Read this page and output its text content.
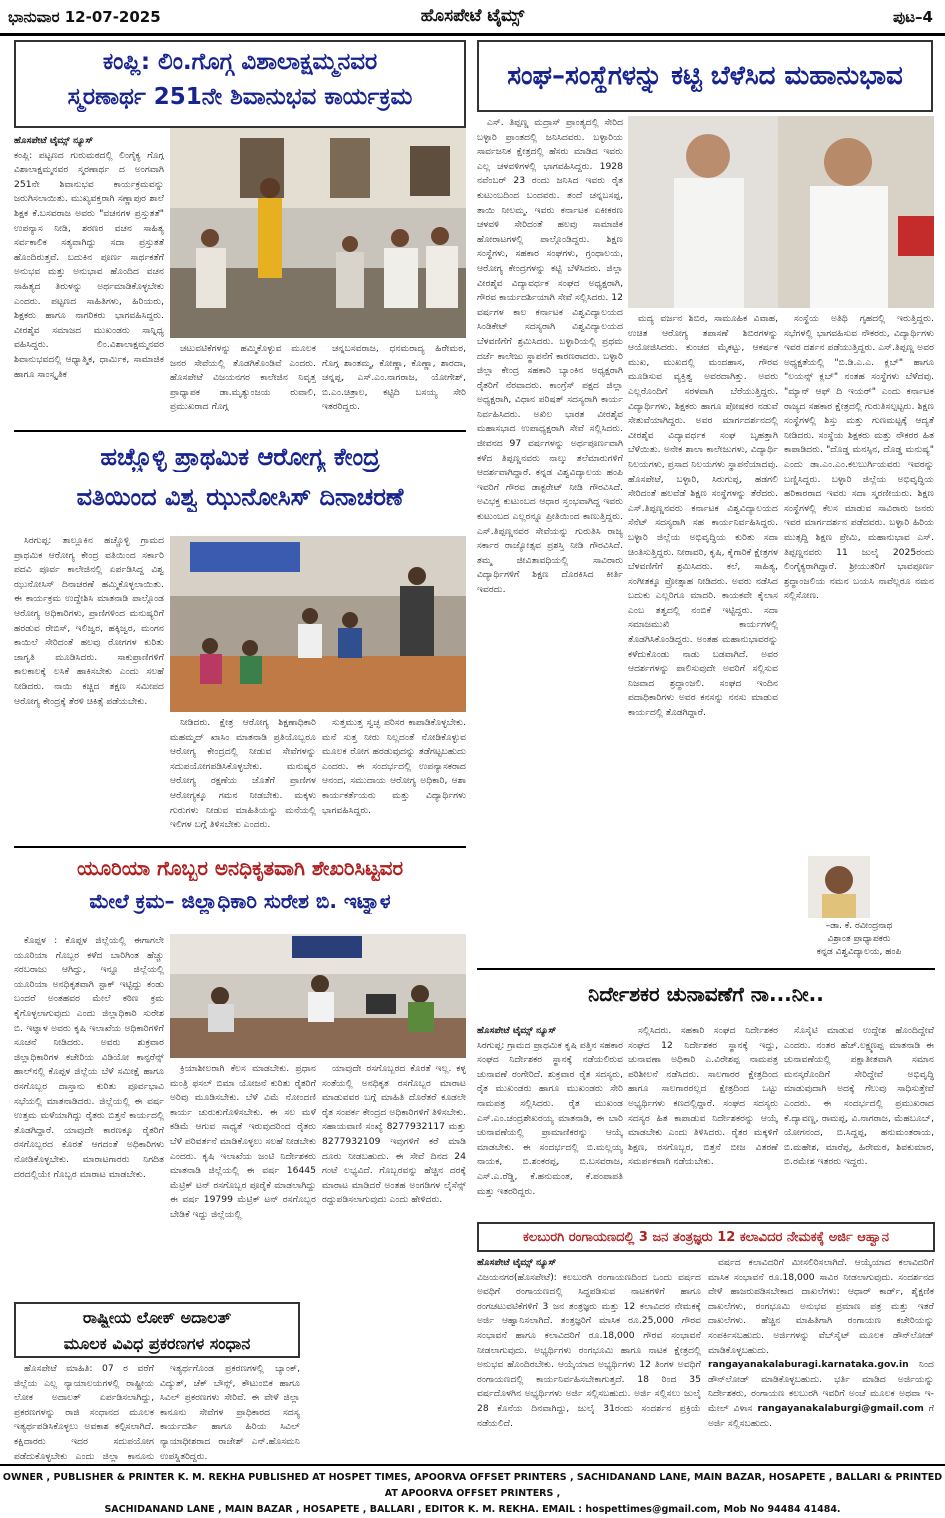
ಭಾನುವಾರ 12-07-2025	ಹೊಸಪೇಟೆ ಟೈಮ್ಸ್	ಪುಟ–4
ಕಂಪ್ಲಿ: ಲಿಂ.ಗೊಗ್ಗ ವಿಶಾಲಾಕ್ಷಮ್ಮನವರ
ಸ್ಮರಣಾರ್ಥ 251ನೇ ಶಿವಾನುಭವ ಕಾರ್ಯಕ್ರಮ

ಹೊಸಪೇಟೆ ಟೈಮ್ಸ್ ನ್ಯೂಸ್
ಕಂಪ್ಲಿ: ಪಟ್ಟಣದ ಗುರುಮಠದಲ್ಲಿ ಲಿಂಗೈಕ್ಯ ಗೊಗ್ಗ ವಿಶಾಲಾಕ್ಷಮ್ಮನವರ ಸ್ಮರಣಾರ್ಥ ದ ಅಂಗವಾಗಿ 251ನೇ ಶಿವಾನುಭವ ಕಾರ್ಯಕ್ರಮವನ್ನು ಜರುಗಿಸಲಾಯಿತು. ಮುಖ್ಯವಕ್ತರಾಗಿ ಸಣ್ಣಾಪುರ ಶಾಲೆ ಶಿಕ್ಷಕ ಕೆ.ಬಸವರಾಜ ಅವರು "ವಚನಗಳ ಪ್ರಸ್ತುತತೆ" ಉಪನ್ಯಾಸ ನೀಡಿ, ಶರಣರ ವಚನ ಸಾಹಿತ್ಯ ಸರ್ವಕಾಲಿಕ ಸತ್ಯವಾಗಿದ್ದು ಸದಾ ಪ್ರಸ್ತುತತೆ ಹೊಂದಿರುತ್ತವೆ. ಬದುಕಿನ ಪೂರ್ಣ ಸಾರ್ಥಕತೆಗೆ ಅನುಭವ ಮತ್ತು ಅನುಭಾವ ಹೊಂದಿದ ವಚನ ಸಾಹಿತ್ಯದ ತಿರುಳನ್ನು ಅರ್ಥಮಾಡಿಕೊಳ್ಳಬೇಕು ಎಂದರು. ಪಟ್ಟಣದ ಸಾಹಿತಿಗಳು, ಹಿರಿಯರು, ಶಿಕ್ಷಕರು ಹಾಗೂ ನಾಗರಿಕರು ಭಾಗವಹಿಸಿದ್ದರು. ವೀರಶೈವ ಸಮಾಜದ ಮುಖಂಡರು ಸಾನ್ನಿಧ್ಯ ವಹಿಸಿದ್ದರು. ಲಿಂ.ವಿಶಾಲಾಕ್ಷಮ್ಮನವರ ಶಿವಾನುಭವದಲ್ಲಿ ಆಧ್ಯಾತ್ಮಿಕ, ಧಾರ್ಮಿಕ, ಸಾಮಾಜಿಕ ಹಾಗೂ ಸಾಂಸ್ಕೃತಿಕ

ಚಟುವಟಿಕೆಗಳನ್ನು ಹಮ್ಮಿಕೊಳ್ಳುವ ಮೂಲಕ ಜನರ ಸೇವೆಯಲ್ಲಿ ತೊಡಗಿಕೊಂಡಿವೆ ಎಂದರು. ಹೊಸಪೇಟೆ ವಿಜಯನಗರ ಕಾಲೇಜಿನ ನಿವೃತ್ತ ಪ್ರಾಧ್ಯಾಪಕ ಡಾ.ಮೃತ್ಯುಂಜಯ ರುವಾಲಿ, ಪ್ರಮುಖರಾದ ಗೊಗ್ಗ

ಚನ್ನಬಸವರಾಜ, ಧನಮರಾದ್ಯ ಹಿರೇಮಠ, ಗೊಗ್ಗ ಶಾಂತಮ್ಮ, ಕೋಣ್ಣಾ, ಕೊಣ್ಣಾ, ಶಾರದಾ, ಚನ್ನಪ್ಪ, ಎಸ್.ಎಂ.ನಾಗರಾಜ, ಯೋಗೇಶ್, ಬಿ.ಎಂ.ಚಿತ್ರಾಲ, ಕಟ್ಟಿದಿ ಬಸಯ್ಯ ಸೇರಿ ಇತರರಿದ್ದರು.

ಹಚ್ಚೊಳ್ಳಿ ಪ್ರಾಥಮಿಕ ಆರೋಗ್ಯ ಕೇಂದ್ರ
ವತಿಯಿಂದ ವಿಶ್ವ ಝುನೋಸಿಸ್ ದಿನಾಚರಣೆ

ಸಿರಗುಪ್ಪ: ತಾಲ್ಲೂಕಿನ ಹಚ್ಚೊಳ್ಳಿ ಗ್ರಾಮದ ಪ್ರಾಥಮಿಕ ಆರೋಗ್ಯ ಕೇಂದ್ರ ವತಿಯಿಂದ ಸರ್ಕಾರಿ ಪದವಿ ಪೂರ್ವ ಕಾಲೇಜಿನಲ್ಲಿ ಏರ್ಪಡಿಸಿದ್ದ ವಿಶ್ವ ಝುನೋಸಿಸ್ ದಿನಾಚರಣೆ ಹಮ್ಮಿಕೊಳ್ಳಲಾಯಿತು. ಈ ಕಾರ್ಯಕ್ರಮ ಉದ್ದೇಶಿಸಿ ಮಾತನಾಡಿ ಪಾಲ್ಗೊಂಡ ಆರೋಗ್ಯ ಅಧಿಕಾರಿಗಳು, ಪ್ರಾಣಿಗಳಿಂದ ಮನುಷ್ಯರಿಗೆ ಹರಡುವ ರೇಬಿಸ್, ಇಲಿಜ್ವರ, ಹಕ್ಕಿಜ್ವರ, ಮಂಗನ ಕಾಯಿಲೆ ಸೇರಿದಂತೆ ಹಲವು ರೋಗಗಳ ಕುರಿತು ಜಾಗೃತಿ ಮೂಡಿಸಿದರು. ಸಾಕುಪ್ರಾಣಿಗಳಿಗೆ ಕಾಲಕಾಲಕ್ಕೆ ಲಸಿಕೆ ಹಾಕಿಸಬೇಕು ಎಂದು ಸಲಹೆ ನೀಡಿದರು. ನಾಯಿ ಕಚ್ಚಿದ ತಕ್ಷಣ ಸಮೀಪದ ಆರೋಗ್ಯ ಕೇಂದ್ರಕ್ಕೆ ತೆರಳಿ ಚಿಕಿತ್ಸೆ ಪಡೆಯಬೇಕು.

ನೀಡಿದರು. ಕ್ಷೇತ್ರ ಆರೋಗ್ಯ ಶಿಕ್ಷಣಾಧಿಕಾರಿ ಮಹಮ್ಮದ್ ಖಾಸಿಂ ಮಾತನಾಡಿ ಪ್ರತಿಯೊಬ್ಬರೂ ಆರೋಗ್ಯ ಕೇಂದ್ರದಲ್ಲಿ ನೀಡುವ ಸೇವೆಗಳನ್ನು ಸದುಪಯೋಗಪಡಿಸಿಕೊಳ್ಳಬೇಕು. ಮನುಷ್ಯರ ಆರೋಗ್ಯ ರಕ್ಷಣೆಯ ಜೊತೆಗೆ ಪ್ರಾಣಿಗಳ ಆರೋಗ್ಯಕ್ಕೂ ಗಮನ ನೀಡಬೇಕು. ಮಕ್ಕಳು ಗುರುಗಳು ನೀಡುವ ಮಾಹಿತಿಯನ್ನು ಮನೆಯಲ್ಲಿ ಇಲಿಗಳ ಬಗ್ಗೆ ತಿಳಿಸಬೇಕು ಎಂದರು.

ಸುತ್ತಮುತ್ತ ಸ್ವಚ್ಛ ಪರಿಸರ ಕಾಪಾಡಿಕೊಳ್ಳಬೇಕು. ಮನೆ ಸುತ್ತ ನೀರು ನಿಲ್ಲದಂತೆ ನೋಡಿಕೊಳ್ಳುವ ಮೂಲಕ ರೋಗ ಹರಡುವುದನ್ನು ತಡೆಗಟ್ಟಬಹುದು ಎಂದರು. ಈ ಸಂದರ್ಭದಲ್ಲಿ ಉಪನ್ಯಾಸಕರಾದ ಆನಂದ, ಸಮುದಾಯ ಆರೋಗ್ಯ ಅಧಿಕಾರಿ, ಆಶಾ ಕಾರ್ಯಕರ್ತೆಯರು ಮತ್ತು ವಿದ್ಯಾರ್ಥಿಗಳು ಭಾಗವಹಿಸಿದ್ದರು.

ಯೂರಿಯಾ ಗೊಬ್ಬರ ಅನಧಿಕೃತವಾಗಿ ಶೇಖರಿಸಿಟ್ಟವರ
ಮೇಲೆ ಕ್ರಮ– ಜಿಲ್ಲಾಧಿಕಾರಿ ಸುರೇಶ ಬಿ. ಇಟ್ನಾಳ

ಕೊಪ್ಪಳ : ಕೊಪ್ಪಳ ಜಿಲ್ಲೆಯಲ್ಲಿ ಈಗಾಗಲೇ ಯೂರಿಯಾ ಗೊಬ್ಬರ ಕಳೆದ ಬಾರಿಗಿಂತ ಹೆಚ್ಚು ಸರಬರಾಜು ಆಗಿದ್ದು, ಇನ್ನೂ ಜಿಲ್ಲೆಯಲ್ಲಿ ಯೂರಿಯಾ ಅನಧಿಕೃತವಾಗಿ ಸ್ಟಾಕ್ ಇಟ್ಟಿದ್ದು ಕಂಡು ಬಂದರೆ ಅಂತಹವರ ಮೇಲೆ ಕಠಿಣ ಕ್ರಮ ಕೈಗೊಳ್ಳಲಾಗುವುದು ಎಂದು ಜಿಲ್ಲಾಧಿಕಾರಿ ಸುರೇಶ ಬಿ. ಇಟ್ನಾಳ ಅವರು ಕೃಷಿ ಇಲಾಖೆಯ ಅಧಿಕಾರಿಗಳಿಗೆ ಸೂಚನೆ ನೀಡಿದರು. ಅವರು ಶುಕ್ರವಾರ ಜಿಲ್ಲಾಧಿಕಾರಿಗಳ ಕಚೇರಿಯ ವಿಡಿಯೋ ಕಾನ್ಫರೆನ್ಸ್ ಹಾಲ್‌ನಲ್ಲಿ ಕೊಪ್ಪಳ ಜಿಲ್ಲೆಯ ಬೆಳೆ ಸಮೀಕ್ಷೆ ಹಾಗೂ ರಸಗೊಬ್ಬರ ದಾಸ್ತಾನು ಕುರಿತು ಪೂರ್ವಭಾವಿ ಸಭೆಯಲ್ಲಿ ಮಾತನಾಡಿದರು. ಜಿಲ್ಲೆಯಲ್ಲಿ ಈ ವರ್ಷ ಉತ್ತಮ ಮಳೆಯಾಗಿದ್ದು ರೈತರು ಬಿತ್ತನೆ ಕಾರ್ಯದಲ್ಲಿ ತೊಡಗಿದ್ದಾರೆ. ಯಾವುದೇ ಕಾರಣಕ್ಕೂ ರೈತರಿಗೆ ರಸಗೊಬ್ಬರದ ಕೊರತೆ ಆಗದಂತೆ ಅಧಿಕಾರಿಗಳು ನೋಡಿಕೊಳ್ಳಬೇಕು. ಮಾರಾಟಗಾರರು ನಿಗದಿತ ದರದಲ್ಲಿಯೇ ಗೊಬ್ಬರ ಮಾರಾಟ ಮಾಡಬೇಕು.

ಕ್ರಿಯಾಶೀಲರಾಗಿ ಕೆಲಸ ಮಾಡಬೇಕು. ಪ್ರಧಾನ ಮಂತ್ರಿ ಫಸಲ್ ಬಿಮಾ ಯೋಜನೆ ಕುರಿತು ರೈತರಿಗೆ ಅರಿವು ಮೂಡಿಸಬೇಕು. ಬೆಳೆ ವಿಮೆ ನೋಂದಣಿ ಕಾರ್ಯ ಚುರುಕುಗೊಳಿಸಬೇಕು. ಈ ಸಲ ಮಳೆ ಕಡಿಮೆ ಆಗುವ ಸಾಧ್ಯತೆ ಇರುವುದರಿಂದ ರೈತರು ಬೆಳೆ ಪರಿವರ್ತನೆ ಮಾಡಿಕೊಳ್ಳಲು ಸಲಹೆ ನೀಡಬೇಕು ಎಂದರು. ಕೃಷಿ ಇಲಾಖೆಯ ಜಂಟಿ ನಿರ್ದೇಶಕರು ಮಾತನಾಡಿ ಜಿಲ್ಲೆಯಲ್ಲಿ ಈ ವರ್ಷ 16445 ಮೆಟ್ರಿಕ್ ಟನ್ ರಸಗೊಬ್ಬರ ಪೂರೈಕೆ ಮಾಡಲಾಗಿದ್ದು ಈ ವರ್ಷ 19799 ಮೆಟ್ರಿಕ್ ಟನ್ ರಸಗೊಬ್ಬರ ಬೇಡಿಕೆ ಇದ್ದು ಜಿಲ್ಲೆಯಲ್ಲಿ

ಯಾವುದೇ ರಸಗೊಬ್ಬರದ ಕೊರತೆ ಇಲ್ಲ. ಕಳ್ಳ ಸಂತೆಯಲ್ಲಿ ಅನಧಿಕೃತ ರಸಗೊಬ್ಬರ ಮಾರಾಟ ಮಾಡುವವರ ಬಗ್ಗೆ ಮಾಹಿತಿ ದೊರೆತರೆ ಕೂಡಲೇ ರೈತ ಸಂಪರ್ಕ ಕೇಂದ್ರದ ಅಧಿಕಾರಿಗಳಿಗೆ ತಿಳಿಸಬೇಕು. ಸಹಾಯವಾಣಿ ಸಂಖ್ಯೆ 8277932117 ಮತ್ತು 8277932109 ಇವುಗಳಿಗೆ ಕರೆ ಮಾಡಿ ದೂರು ನೀಡಬಹುದು. ಈ ಸೇವೆ ದಿನದ 24 ಗಂಟೆ ಲಭ್ಯವಿದೆ. ಗೊಬ್ಬರವನ್ನು ಹೆಚ್ಚಿನ ದರಕ್ಕೆ ಮಾರಾಟ ಮಾಡಿದರೆ ಅಂತಹ ಅಂಗಡಿಗಳ ಲೈಸೆನ್ಸ್ ರದ್ದುಪಡಿಸಲಾಗುವುದು ಎಂದು ಹೇಳಿದರು.

ರಾಷ್ಟ್ರೀಯ ಲೋಕ್ ಅದಾಲತ್
ಮೂಲಕ ವಿವಿಧ ಪ್ರಕರಣಗಳ ಸಂಧಾನ

ಹೊಸಪೇಟೆ ಮಾಹಿತಿ: 07 ರ ವರೆಗೆ ಜಿಲ್ಲೆಯ ಎಲ್ಲ ನ್ಯಾಯಾಲಯಗಳಲ್ಲಿ ರಾಷ್ಟ್ರೀಯ ಲೋಕ ಅದಾಲತ್ ಏರ್ಪಡಿಸಲಾಗಿದ್ದು, ಪ್ರಕರಣಗಳನ್ನು ರಾಜಿ ಸಂಧಾನದ ಮೂಲಕ ಇತ್ಯರ್ಥಪಡಿಸಿಕೊಳ್ಳಲು ಅವಕಾಶ ಕಲ್ಪಿಸಲಾಗಿದೆ. ಕಕ್ಷಿದಾರರು ಇದರ ಸದುಪಯೋಗ ಪಡೆದುಕೊಳ್ಳಬೇಕು ಎಂದು ಜಿಲ್ಲಾ ಕಾನೂನು

ಇತ್ಯರ್ಥಗೊಂಡ ಪ್ರಕರಣಗಳಲ್ಲಿ ಬ್ಯಾಂಕ್, ವಿದ್ಯುತ್, ಚೆಕ್ ಬೌನ್ಸ್, ಕೌಟುಂಬಿಕ ಹಾಗೂ ಸಿವಿಲ್ ಪ್ರಕರಣಗಳು ಸೇರಿವೆ. ಈ ವೇಳೆ ಜಿಲ್ಲಾ ಕಾನೂನು ಸೇವೆಗಳ ಪ್ರಾಧಿಕಾರದ ಸದಸ್ಯ ಕಾರ್ಯದರ್ಶಿ ಹಾಗೂ ಹಿರಿಯ ಸಿವಿಲ್ ನ್ಯಾಯಾಧೀಶರಾದ ರಾಜೇಶ್ ಎನ್.ಹೊಸಮನಿ ಉಪಸ್ಥಿತರಿದ್ದರು.

ಸಂಘ–ಸಂಸ್ಥೆಗಳನ್ನು ಕಟ್ಟಿ ಬೆಳೆಸಿದ ಮಹಾನುಭಾವ

ಎಸ್. ತಿಪ್ಪಣ್ಣ ಮದ್ರಾಸ್ ಪ್ರಾಂತ್ಯದಲ್ಲಿ ಸೇರಿದ ಬಳ್ಳಾರಿ ಪ್ರಾಂತದಲ್ಲಿ ಜನಿಸಿದವರು. ಬಳ್ಳಾರಿಯ ಸಾರ್ವಜನಿಕ ಕ್ಷೇತ್ರದಲ್ಲಿ ಹೆಸರು ಮಾಡಿದ ಇವರು ಎಲ್ಲ ಚಳವಳಿಗಳಲ್ಲಿ ಭಾಗವಹಿಸಿದ್ದರು. 1928 ನವೆಂಬರ್ 23 ರಂದು ಜನಿಸಿದ ಇವರು ರೈತ ಕುಟುಂಬದಿಂದ ಬಂದವರು. ತಂದೆ ಚನ್ನಬಸಪ್ಪ, ತಾಯಿ ನೀಲಮ್ಮ. ಇವರು ಕರ್ನಾಟಕ ಏಕೀಕರಣ ಚಳವಳಿ ಸೇರಿದಂತೆ ಹಲವು ಸಾಮಾಜಿಕ ಹೋರಾಟಗಳಲ್ಲಿ ಪಾಲ್ಗೊಂಡಿದ್ದರು. ಶಿಕ್ಷಣ ಸಂಸ್ಥೆಗಳು, ಸಹಕಾರ ಸಂಘಗಳು, ಗ್ರಂಥಾಲಯ, ಆರೋಗ್ಯ ಕೇಂದ್ರಗಳನ್ನು ಕಟ್ಟಿ ಬೆಳೆಸಿದರು. ಜಿಲ್ಲಾ ವೀರಶೈವ ವಿದ್ಯಾವರ್ಧಕ ಸಂಘದ ಅಧ್ಯಕ್ಷರಾಗಿ, ಗೌರವ ಕಾರ್ಯದರ್ಶಿಯಾಗಿ ಸೇವೆ ಸಲ್ಲಿಸಿದರು. 12 ವರ್ಷಗಳ ಕಾಲ ಕರ್ನಾಟಕ ವಿಶ್ವವಿದ್ಯಾಲಯದ ಸಿಂಡಿಕೇಟ್ ಸದಸ್ಯರಾಗಿ ವಿಶ್ವವಿದ್ಯಾಲಯದ ಬೆಳವಣಿಗೆಗೆ ಶ್ರಮಿಸಿದರು. ಬಳ್ಳಾರಿಯಲ್ಲಿ ಪ್ರಥಮ ದರ್ಜೆ ಕಾಲೇಜು ಸ್ಥಾಪನೆಗೆ ಕಾರಣರಾದರು. ಬಳ್ಳಾರಿ ಜಿಲ್ಲಾ ಕೇಂದ್ರ ಸಹಕಾರಿ ಬ್ಯಾಂಕಿನ ಅಧ್ಯಕ್ಷರಾಗಿ ರೈತರಿಗೆ ನೆರವಾದರು. ಕಾಂಗ್ರೆಸ್ ಪಕ್ಷದ ಜಿಲ್ಲಾ ಅಧ್ಯಕ್ಷರಾಗಿ, ವಿಧಾನ ಪರಿಷತ್ ಸದಸ್ಯರಾಗಿ ಕಾರ್ಯ ನಿರ್ವಹಿಸಿದರು. ಅಖಿಲ ಭಾರತ ವೀರಶೈವ ಮಹಾಸಭಾದ ಉಪಾಧ್ಯಕ್ಷರಾಗಿ ಸೇವೆ ಸಲ್ಲಿಸಿದರು. ಜೀವನದ 97 ವರ್ಷಗಳನ್ನು ಅರ್ಥಪೂರ್ಣವಾಗಿ ಕಳೆದ ತಿಪ್ಪಣ್ಣನವರು ನಾಲ್ಕು ತಲೆಮಾರುಗಳಿಗೆ ಆದರ್ಶವಾಗಿದ್ದಾರೆ. ಕನ್ನಡ ವಿಶ್ವವಿದ್ಯಾಲಯ ಹಂಪಿ ಇವರಿಗೆ ಗೌರವ ಡಾಕ್ಟರೇಟ್ ನೀಡಿ ಗೌರವಿಸಿದೆ. ಅವಿಭಕ್ತ ಕುಟುಂಬದ ಆಧಾರ ಸ್ತಂಭವಾಗಿದ್ದ ಇವರು ಕುಟುಂಬದ ಎಲ್ಲರನ್ನೂ ಪ್ರೀತಿಯಿಂದ ಕಾಣುತ್ತಿದ್ದರು. ಎಸ್.ತಿಪ್ಪಣ್ಣನವರ ಸೇವೆಯನ್ನು ಗುರುತಿಸಿ ರಾಜ್ಯ ಸರ್ಕಾರ ರಾಜ್ಯೋತ್ಸವ ಪ್ರಶಸ್ತಿ ನೀಡಿ ಗೌರವಿಸಿದೆ. ತಮ್ಮ ಜೀವಿತಾವಧಿಯಲ್ಲಿ ಸಾವಿರಾರು ವಿದ್ಯಾರ್ಥಿಗಳಿಗೆ ಶಿಕ್ಷಣ ದೊರಕಿಸಿದ ಕೀರ್ತಿ ಇವರದು.

ಮದ್ಯ ವರ್ಜನ ಶಿಬಿರ, ಸಾಮೂಹಿಕ ವಿವಾಹ, ಉಚಿತ ಆರೋಗ್ಯ ತಪಾಸಣೆ ಶಿಬಿರಗಳನ್ನು ಆಯೋಜಿಸಿದರು. ಕುಂಚದ ಮೈಕಟ್ಟು, ಆಕರ್ಷಕ ಮುಖ, ಮುಖದಲ್ಲಿ ಮಂದಹಾಸ, ಗೌರವ ಮೂಡಿಸುವ ವ್ಯಕ್ತಿತ್ವ ಅವರದಾಗಿತ್ತು. ಅವರು ಎಲ್ಲರೊಂದಿಗೆ ಸರಳವಾಗಿ ಬೆರೆಯುತ್ತಿದ್ದರು. ವಿದ್ಯಾರ್ಥಿಗಳು, ಶಿಕ್ಷಕರು ಹಾಗೂ ಪೋಷಕರ ನಡುವೆ ಸೇತುವೆಯಾಗಿದ್ದರು. ಅವರ ಮಾರ್ಗದರ್ಶನದಲ್ಲಿ ವೀರಶೈವ ವಿದ್ಯಾವರ್ಧಕ ಸಂಘ ಬೃಹತ್ತಾಗಿ ಬೆಳೆಯಿತು. ಅನೇಕ ಶಾಲಾ ಕಾಲೇಜುಗಳು, ವಿದ್ಯಾರ್ಥಿ ನಿಲಯಗಳು, ಪ್ರಸಾದ ನಿಲಯಗಳು ಸ್ಥಾಪನೆಯಾದವು. ಹೊಸಪೇಟೆ, ಬಳ್ಳಾರಿ, ಸಿರುಗುಪ್ಪ, ಹಡಗಲಿ ಸೇರಿದಂತೆ ಹಲವೆಡೆ ಶಿಕ್ಷಣ ಸಂಸ್ಥೆಗಳನ್ನು ತೆರೆದರು. ಎಸ್.ತಿಪ್ಪಣ್ಣನವರು ಕರ್ನಾಟಕ ವಿಶ್ವವಿದ್ಯಾಲಯದ ಸೆನೆಟ್ ಸದಸ್ಯರಾಗಿ ಸಹ ಕಾರ್ಯನಿರ್ವಹಿಸಿದ್ದರು. ಬಳ್ಳಾರಿ ಜಿಲ್ಲೆಯ ಅಭಿವೃದ್ಧಿಯ ಕುರಿತು ಸದಾ ಚಿಂತಿಸುತ್ತಿದ್ದರು. ನೀರಾವರಿ, ಕೃಷಿ, ಕೈಗಾರಿಕೆ ಕ್ಷೇತ್ರಗಳ ಬೆಳವಣಿಗೆಗೆ ಶ್ರಮಿಸಿದರು. ಕಲೆ, ಸಾಹಿತ್ಯ, ಸಂಗೀತಕ್ಕೂ ಪ್ರೋತ್ಸಾಹ ನೀಡಿದರು. ಅವರು ನಡೆಸಿದ ಬದುಕು ಎಲ್ಲರಿಗೂ ಮಾದರಿ. ಕಾಯಕವೇ ಕೈಲಾಸ ಎಂಬ ತತ್ವದಲ್ಲಿ ನಂಬಿಕೆ ಇಟ್ಟಿದ್ದರು. ಸದಾ ಸಮಾಜಮುಖಿ ಕಾರ್ಯಗಳಲ್ಲಿ ತೊಡಗಿಸಿಕೊಂಡಿದ್ದರು. ಅಂತಹ ಮಹಾನುಭಾವರನ್ನು ಕಳೆದುಕೊಂಡು ನಾಡು ಬಡವಾಗಿದೆ. ಅವರ ಆದರ್ಶಗಳನ್ನು ಪಾಲಿಸುವುದೇ ಅವರಿಗೆ ಸಲ್ಲಿಸುವ ನಿಜವಾದ ಶ್ರದ್ಧಾಂಜಲಿ. ಸಂಘದ ಇಂದಿನ ಪದಾಧಿಕಾರಿಗಳು ಅವರ ಕನಸನ್ನು ನನಸು ಮಾಡುವ ಕಾರ್ಯದಲ್ಲಿ ತೊಡಗಿದ್ದಾರೆ.

ಸಂಸ್ಥೆಯ ಅತಿಥಿ ಗೃಹದಲ್ಲಿ ಇರುತ್ತಿದ್ದರು. ಸಭೆಗಳಲ್ಲಿ ಭಾಗವಹಿಸುವ ನೌಕರರು, ವಿದ್ಯಾರ್ಥಿಗಳು ಇವರ ದರ್ಶನ ಪಡೆಯುತ್ತಿದ್ದರು. ಎಸ್.ತಿಪ್ಪಣ್ಣ ಅವರ ಅಧ್ಯಕ್ಷತೆಯಲ್ಲಿ "ಬಿ.ಡಿ.ಎ.ಎ. ಕ್ಲಬ್" ಹಾಗೂ "ಲಯನ್ಸ್ ಕ್ಲಬ್" ನಂತಹ ಸಂಸ್ಥೆಗಳು ಬೆಳೆದವು. "ಮ್ಯಾನ್ ಆಫ್ ದಿ ಇಯರ್" ಎಂದು ಕರ್ನಾಟಕ ರಾಜ್ಯದ ಸಹಕಾರ ಕ್ಷೇತ್ರದಲ್ಲಿ ಗುರುತಿಸಲ್ಪಟ್ಟರು. ಶಿಕ್ಷಣ ಸಂಸ್ಥೆಗಳಲ್ಲಿ ಶಿಸ್ತು ಮತ್ತು ಗುಣಮಟ್ಟಕ್ಕೆ ಆದ್ಯತೆ ನೀಡಿದರು. ಸಂಸ್ಥೆಯ ಶಿಕ್ಷಕರು ಮತ್ತು ನೌಕರರ ಹಿತ ಕಾಪಾಡಿದರು. "ದೊಡ್ಡ ಮನಸ್ಸಿನ, ದೊಡ್ಡ ಮನುಷ್ಯ" ಎಂದು ಡಾ.ಎಂ.ಎಂ.ಕಲಬುರ್ಗಿಯವರು ಇವರನ್ನು ಬಣ್ಣಿಸಿದ್ದರು. ಬಳ್ಳಾರಿ ಜಿಲ್ಲೆಯ ಅಭಿವೃದ್ಧಿಯ ಹರಿಕಾರರಾದ ಇವರು ಸದಾ ಸ್ಮರಣೀಯರು. ಶಿಕ್ಷಣ ಸಂಸ್ಥೆಗಳಲ್ಲಿ ಕೆಲಸ ಮಾಡುವ ಸಾವಿರಾರು ಜನರು ಇವರ ಮಾರ್ಗದರ್ಶನ ಪಡೆದವರು. ಬಳ್ಳಾರಿ ಹಿರಿಯ ಮುತ್ಸದ್ದಿ ಶಿಕ್ಷಣ ಪ್ರೇಮಿ, ಮಹಾನುಭಾವ ಎಸ್. ತಿಪ್ಪಣ್ಣನವರು 11 ಜುಲೈ 2025ರಂದು ಲಿಂಗೈಕ್ಯರಾಗಿದ್ದಾರೆ. ಶ್ರೀಯುತರಿಗೆ ಭಾವಪೂರ್ಣ ಶ್ರದ್ಧಾಂಜಲಿಯ ನಮನ ಬಯಸಿ ನಾವೆಲ್ಲರೂ ನಮನ ಸಲ್ಲಿಸೋಣ.

–ಡಾ. ಕೆ. ರವೀಂದ್ರನಾಥ
ವಿಶ್ರಾಂತ ಪ್ರಾಧ್ಯಾಪಕರು
ಕನ್ನಡ ವಿಶ್ವವಿದ್ಯಾಲಯ, ಹಂಪಿ
ನಿರ್ದೇಶಕರ ಚುನಾವಣೆಗೆ ನಾ...ನೀ..

ಹೊಸಪೇಟೆ ಟೈಮ್ಸ್ ನ್ಯೂಸ್
ಸಿರಗುಪ್ಪ: ಗ್ರಾಮದ ಪ್ರಾಥಮಿಕ ಕೃಷಿ ಪತ್ತಿನ ಸಹಕಾರ ಸಂಘದ ನಿರ್ದೇಶಕರ ಸ್ಥಾನಕ್ಕೆ ನಡೆಯಲಿರುವ ಚುನಾವಣೆ ರಂಗೇರಿದೆ. ಶುಕ್ರವಾರ ರೈತ ಸದಸ್ಯರು, ರೈತ ಮುಖಂಡರು ಹಾಗೂ ಮುಖಂಡರು ಸೇರಿ ನಾಮಪತ್ರ ಸಲ್ಲಿಸಿದರು. ರೈತ ಮುಖಂಡ ಎಸ್.ಎಂ.ಚಂದ್ರಶೇಖರಯ್ಯ ಮಾತನಾಡಿ, ಈ ಬಾರಿ ಚುನಾವಣೆಯಲ್ಲಿ ಪ್ರಾಮಾಣಿಕರನ್ನು ಆಯ್ಕೆ ಮಾಡಬೇಕು. ಈ ಸಂದರ್ಭದಲ್ಲಿ ಬಿ.ಮಲ್ಲಯ್ಯ ನಾಯಕ, ಬಿ.ಶಂಕರಪ್ಪ, ಬಿ.ಬಸವರಾಜ, ಎಸ್.ಎ.ರೆಡ್ಡಿ, ಕೆ.ಹನುಮಂತ, ಕೆ.ಪಂಪಾಪತಿ ಮತ್ತು ಇತರರಿದ್ದರು.

ಸಲ್ಲಿಸಿದರು. ಸಹಕಾರಿ ಸಂಘದ ನಿರ್ದೇಶಕರ ಸಂಘದ 12 ನಿರ್ದೇಶಕರ ಸ್ಥಾನಕ್ಕೆ ಇದ್ದು, ಚುನಾವಣಾ ಅಧಿಕಾರಿ ಎ.ವಿರೇಶಪ್ಪ ನಾಮಪತ್ರ ಪರಿಶೀಲನೆ ನಡೆಸಿದರು. ಸಾಲಗಾರರ ಕ್ಷೇತ್ರದಿಂದ ಹಾಗೂ ಸಾಲಗಾರರಲ್ಲದ ಕ್ಷೇತ್ರದಿಂದ ಒಟ್ಟು ಅಭ್ಯರ್ಥಿಗಳು ಕಣದಲ್ಲಿದ್ದಾರೆ. ಸಂಘದ ಸದಸ್ಯರು ಸದಸ್ಯರ ಹಿತ ಕಾಪಾಡುವ ನಿರ್ದೇಶಕರನ್ನು ಆಯ್ಕೆ ಮಾಡಬೇಕು ಎಂದು ತಿಳಿಸಿದರು. ರೈತರ ಮಕ್ಕಳಿಗೆ ಶಿಕ್ಷಣ, ರಸಗೊಬ್ಬರ, ಬಿತ್ತನೆ ಬೀಜ ವಿತರಣೆ ಸಮರ್ಪಕವಾಗಿ ನಡೆಯಬೇಕು.

ಸೊಸೈಟಿ ಮಾಡುವ ಉದ್ದೇಶ ಹೊಂದಿದ್ದೇವೆ ಎಂದರು. ನಂತರ ಹೆಚ್.ಲಕ್ಷ್ಮಣಪ್ಪ ಮಾತನಾಡಿ ಈ ಚುನಾವಣೆಯಲ್ಲಿ ಪಕ್ಷಾತೀತವಾಗಿ ಸಮಾನ ಮನಸ್ಕರೊಂದಿಗೆ ಸೇರಿದ್ದೇವೆ ಅಭಿವೃದ್ಧಿ ಮಾಡುವುದಾಗಿ ಅದಕ್ಕೆ ಗೆಲುವು ಸಾಧಿಸುತ್ತೇವೆ ಎಂದರು. ಈ ಸಂದರ್ಭದಲ್ಲಿ ಪ್ರಮುಖರಾದ ಕೆ.ದ್ಯಾವಣ್ಣ, ರಾಮಪ್ಪ, ವಿ.ನಾಗರಾಜ, ಮೆಹಬೂಬ್, ಯೋಗನಂದ, ಬಿ.ಸಿದ್ದಪ್ಪ, ಹನುಮಂತರಾಯ, ಬಿ.ಮಹೇಶ, ಮಾರೆಪ್ಪ, ಹಿರೇಮಠ, ಶಿವಕುಮಾರ, ಬಿ.ರಮೇಶ ಇತರರು ಇದ್ದರು.

ಕಲಬುರಗಿ ರಂಗಾಯಣದಲ್ಲಿ 3 ಜನ ತಂತ್ರಜ್ಞರು 12 ಕಲಾವಿದರ ನೇಮಕಕ್ಕೆ ಅರ್ಜಿ ಆಹ್ವಾನ

ಹೊಸಪೇಟೆ ಟೈಮ್ಸ್ ನ್ಯೂಸ್
ವಿಜಯನಗರ(ಹೊಸಪೇಟೆ): ಕಲಬುರಗಿ ರಂಗಾಯಣದಿಂದ ಒಂದು ವರ್ಷದ ಅವಧಿಗೆ ರಂಗಾಯಣದಲ್ಲಿ ಸಿದ್ಧಪಡಿಸುವ ನಾಟಕಗಳಿಗೆ ಹಾಗೂ ರಂಗಚಟುವಟಿಕೆಗಳಿಗೆ 3 ಜನ ತಂತ್ರಜ್ಞರು ಮತ್ತು 12 ಕಲಾವಿದರ ನೇಮಕಕ್ಕೆ ಅರ್ಜಿ ಆಹ್ವಾನಿಸಲಾಗಿದೆ. ತಂತ್ರಜ್ಞರಿಗೆ ಮಾಸಿಕ ರೂ.25,000 ಗೌರವ ಸಂಭಾವನೆ ಹಾಗೂ ಕಲಾವಿದರಿಗೆ ರೂ.18,000 ಗೌರವ ಸಂಭಾವನೆ ನೀಡಲಾಗುವುದು. ಅಭ್ಯರ್ಥಿಗಳು ರಂಗಭೂಮಿ ಹಾಗೂ ನಾಟಕ ಕ್ಷೇತ್ರದಲ್ಲಿ ಅನುಭವ ಹೊಂದಿರಬೇಕು. ಆಯ್ಕೆಯಾದ ಅಭ್ಯರ್ಥಿಗಳು 12 ತಿಂಗಳ ಅವಧಿಗೆ ರಂಗಾಯಣದಲ್ಲಿ ಕಾರ್ಯನಿರ್ವಹಿಸಬೇಕಾಗುತ್ತದೆ. 18 ರಿಂದ 35 ವರ್ಷದೊಳಗಿನ ಅಭ್ಯರ್ಥಿಗಳು ಅರ್ಜಿ ಸಲ್ಲಿಸಬಹುದು. ಅರ್ಜಿ ಸಲ್ಲಿಸಲು ಜುಲೈ 28 ಕೊನೆಯ ದಿನವಾಗಿದ್ದು, ಜುಲೈ 31ರಂದು ಸಂದರ್ಶನ ಪ್ರಕ್ರಿಯೆ ನಡೆಯಲಿದೆ.

ವರ್ಷದ ಕಲಾವಿದರಿಗೆ ಮೀಸಲಿರಿಸಲಾಗಿದೆ. ಆಯ್ಕೆಯಾದ ಕಲಾವಿದರಿಗೆ ಮಾಸಿಕ ಸಂಭಾವನೆ ರೂ.18,000 ಸಾವಿರ ನೀಡಲಾಗುವುದು. ಸಂದರ್ಶನದ ವೇಳೆ ಹಾಜರುಪಡಿಸಬೇಕಾದ ದಾಖಲೆಗಳು: ಆಧಾರ್ ಕಾರ್ಡ್, ಶೈಕ್ಷಣಿಕ ದಾಖಲೆಗಳು, ರಂಗಭೂಮಿ ಅನುಭವ ಪ್ರಮಾಣ ಪತ್ರ ಮತ್ತು ಇತರೆ ದಾಖಲೆಗಳು. ಹೆಚ್ಚಿನ ಮಾಹಿತಿಗಾಗಿ ರಂಗಾಯಣ ಕಚೇರಿಯನ್ನು ಸಂಪರ್ಕಿಸಬಹುದು. ಅರ್ಜಿಗಳನ್ನು ವೆಬ್‌ಸೈಟ್ ಮೂಲಕ ಡೌನ್‌ಲೋಡ್ ಮಾಡಿಕೊಳ್ಳಬಹುದು. rangayanakalaburagi.karnataka.gov.in ನಿಂದ ಡೌನ್‌ಲೋಡ್ ಮಾಡಿಕೊಳ್ಳಬಹುದು. ಭರ್ತಿ ಮಾಡಿದ ಅರ್ಜಿಯನ್ನು ನಿರ್ದೇಶಕರು, ರಂಗಾಯಣ ಕಲಬುರಗಿ ಇವರಿಗೆ ಅಂಚೆ ಮೂಲಕ ಅಥವಾ ಇ-ಮೇಲ್ ವಿಳಾಸ rangayanakalaburgi@gmail.com ಗೆ ಅರ್ಜಿ ಸಲ್ಲಿಸಬಹುದು.

OWNER , PUBLISHER & PRINTER K. M. REKHA PUBLISHED AT HOSPET TIMES, APOORVA OFFSET PRINTERS , SACHIDANAND LANE, MAIN BAZAR, HOSAPETE , BALLARI & PRINTED AT APOORVA OFFSET PRINTERS ,
SACHIDANAND LANE , MAIN BAZAR , HOSAPETE , BALLARI , EDITOR K. M. REKHA. EMAIL : hospettimes@gmail.com, Mob No 94484 41484.
